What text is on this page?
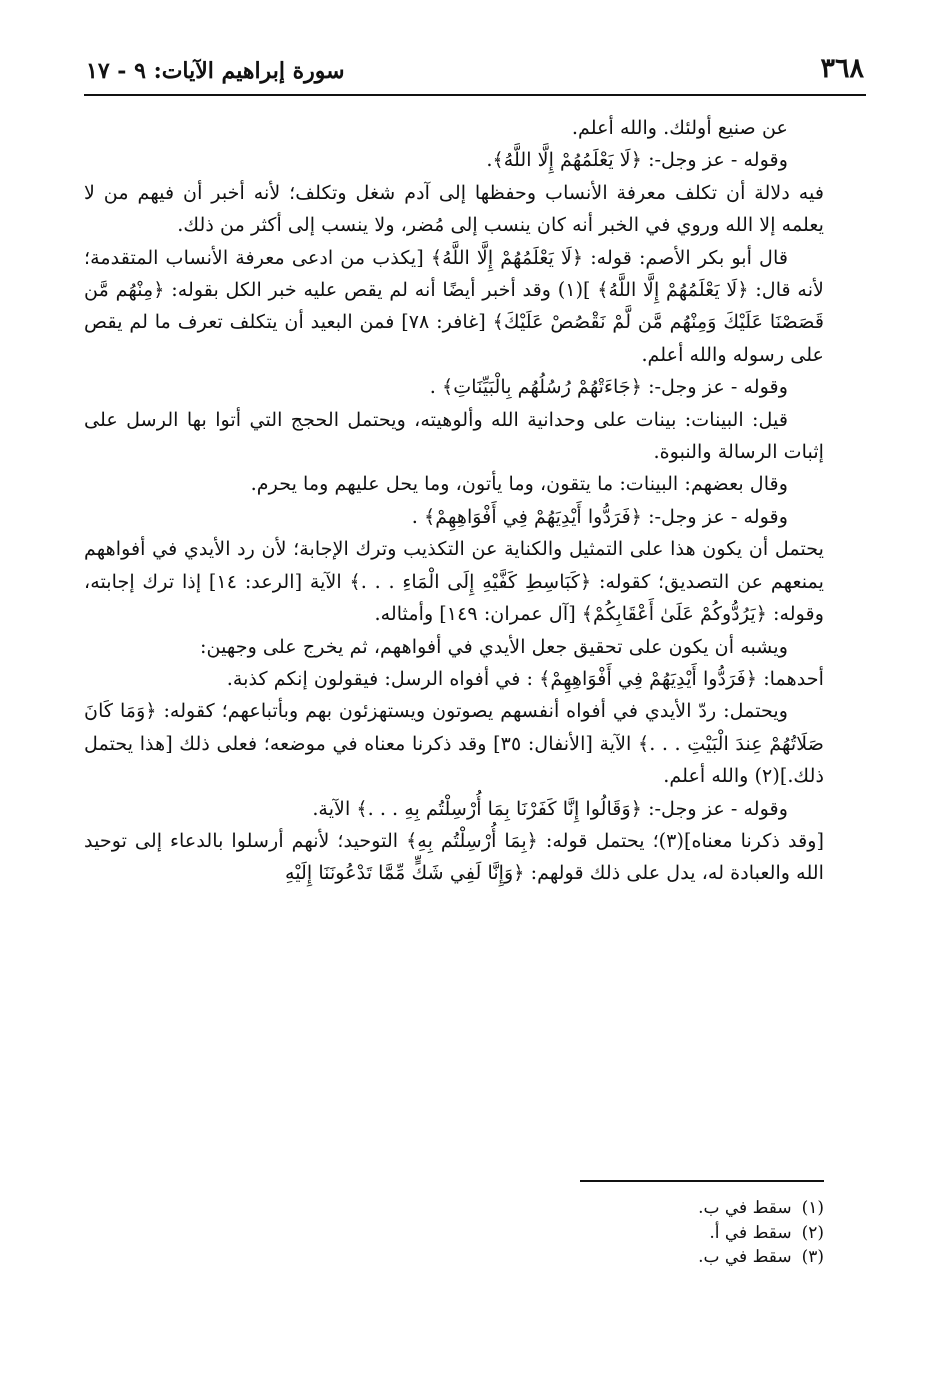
٣٦٨
سورة إبراهيم الآيات: ٩ - ١٧

عن صنيع أولئك. والله أعلم.

وقوله - عز وجل-: ﴿لَا يَعْلَمُهُمْ إِلَّا اللَّهُ﴾.

فيه دلالة أن تكلف معرفة الأنساب وحفظها إلى آدم شغل وتكلف؛ لأنه أخبر أن فيهم من لا يعلمه إلا الله وروي في الخبر أنه كان ينسب إلى مُضر، ولا ينسب إلى أكثر من ذلك.

قال أبو بكر الأصم: قوله: ﴿لَا يَعْلَمُهُمْ إِلَّا اللَّهُ﴾ [يكذب من ادعى معرفة الأنساب المتقدمة؛ لأنه قال: ﴿لَا يَعْلَمُهُمْ إِلَّا اللَّهُ﴾ ](١) وقد أخبر أيضًا أنه لم يقص عليه خبر الكل بقوله: ﴿مِنْهُم مَّن قَصَصْنَا عَلَيْكَ وَمِنْهُم مَّن لَّمْ نَقْصُصْ عَلَيْكَ﴾ [غافر: ٧٨] فمن البعيد أن يتكلف تعرف ما لم يقص على رسوله والله أعلم.

وقوله - عز وجل-: ﴿جَاءَتْهُمْ رُسُلُهُم بِالْبَيِّنَاتِ﴾ .

قيل: البينات: بينات على وحدانية الله وألوهيته، ويحتمل الحجج التي أتوا بها الرسل على إثبات الرسالة والنبوة.

وقال بعضهم: البينات: ما يتقون، وما يأتون، وما يحل عليهم وما يحرم.

وقوله - عز وجل-: ﴿فَرَدُّوا أَيْدِيَهُمْ فِي أَفْوَاهِهِمْ﴾ .

يحتمل أن يكون هذا على التمثيل والكناية عن التكذيب وترك الإجابة؛ لأن رد الأيدي في أفواههم يمنعهم عن التصديق؛ كقوله: ﴿كَبَاسِطِ كَفَّيْهِ إِلَى الْمَاءِ . . .﴾ الآية [الرعد: ١٤] إذا ترك إجابته، وقوله: ﴿يَرُدُّوكُمْ عَلَىٰ أَعْقَابِكُمْ﴾ [آل عمران: ١٤٩] وأمثاله.

ويشبه أن يكون على تحقيق جعل الأيدي في أفواههم، ثم يخرج على وجهين:

أحدهما: ﴿فَرَدُّوا أَيْدِيَهُمْ فِي أَفْوَاهِهِمْ﴾ : في أفواه الرسل: فيقولون إنكم كذبة.

ويحتمل: ردّ الأيدي في أفواه أنفسهم يصوتون ويستهزئون بهم وبأتباعهم؛ كقوله: ﴿وَمَا كَانَ صَلَاتُهُمْ عِندَ الْبَيْتِ . . .﴾ الآية [الأنفال: ٣٥] وقد ذكرنا معناه في موضعه؛ فعلى ذلك [هذا يحتمل ذلك.](٢) والله أعلم.

وقوله - عز وجل-: ﴿وَقَالُوا إِنَّا كَفَرْنَا بِمَا أُرْسِلْتُم بِهِ . . .﴾ الآية.

[وقد ذكرنا معناه](٣)؛ يحتمل قوله: ﴿بِمَا أُرْسِلْتُم بِهِ﴾ التوحيد؛ لأنهم أرسلوا بالدعاء إلى توحيد الله والعبادة له، يدل على ذلك قولهم: ﴿وَإِنَّا لَفِي شَكٍّ مِّمَّا تَدْعُونَنَا إِلَيْهِ

(١)سقط في ب.
(٢)سقط في أ.
(٣)سقط في ب.
